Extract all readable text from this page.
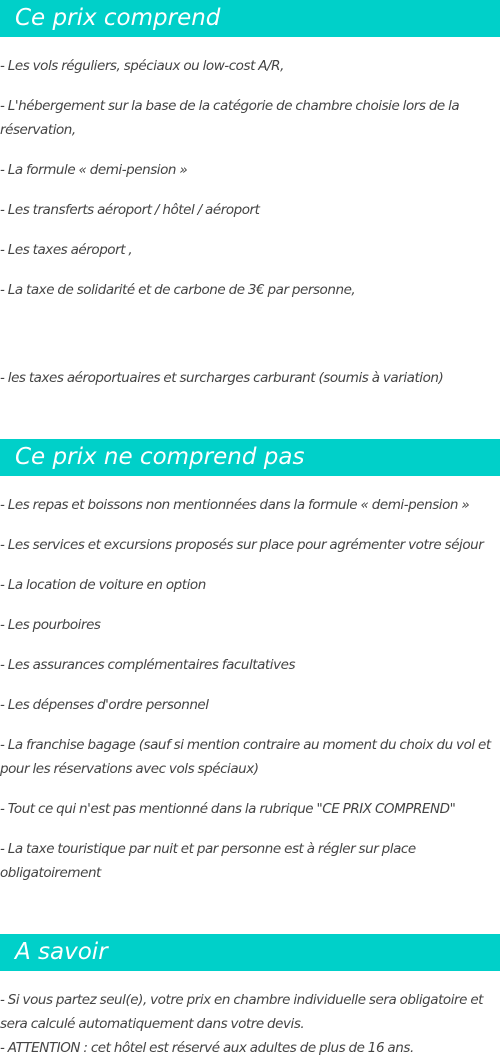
Ce prix comprend
- Les vols réguliers, spéciaux ou low-cost A/R,
- L'hébergement sur la base de la catégorie de chambre choisie lors de la réservation,
- La formule « demi-pension »
- Les transferts aéroport / hôtel / aéroport
- Les taxes aéroport ,
- La taxe de solidarité et de carbone de 3€ par personne,
- les taxes aéroportuaires et surcharges carburant (soumis à variation)
Ce prix ne comprend pas
- Les repas et boissons non mentionnées dans la formule « demi-pension »
- Les services et excursions proposés sur place pour agrémenter votre séjour
- La location de voiture en option
- Les pourboires
- Les assurances complémentaires facultatives
- Les dépenses d'ordre personnel
- La franchise bagage (sauf si mention contraire au moment du choix du vol et pour les réservations avec vols spéciaux)
- Tout ce qui n'est pas mentionné dans la rubrique "CE PRIX COMPREND"
- La taxe touristique par nuit et par personne est à régler sur place obligatoirement
A savoir
- Si vous partez seul(e), votre prix en chambre individuelle sera obligatoire et sera calculé automatiquement dans votre devis.
- ATTENTION : cet hôtel est réservé aux adultes de plus de 16 ans.
